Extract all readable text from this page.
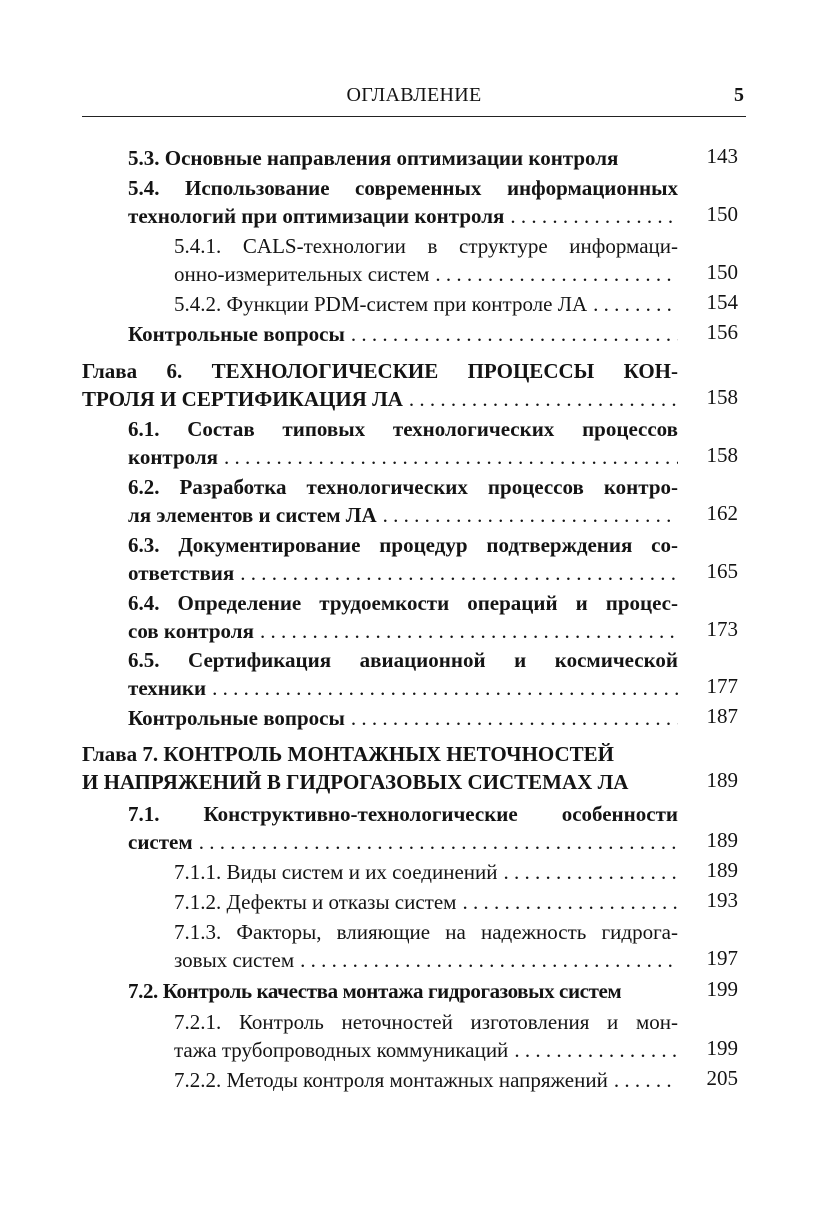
ОГЛАВЛЕНИЕ	5
5.3. Основные направления оптимизации контроля	143
5.4. Использование современных информационных
технологий при оптимизации контроля . . .	150
5.4.1. CALS-технологии в структуре информаци-
онно-измерительных систем . . .	150
5.4.2. Функции PDM-систем при контроле ЛА . . .	154
Контрольные вопросы . . .	156
Глава 6. ТЕХНОЛОГИЧЕСКИЕ ПРОЦЕССЫ КОН-
ТРОЛЯ И СЕРТИФИКАЦИЯ ЛА . . .	158
6.1. Состав типовых технологических процессов
контроля . . .	158
6.2. Разработка технологических процессов контро-
ля элементов и систем ЛА . . .	162
6.3. Документирование процедур подтверждения со-
ответствия . . .	165
6.4. Определение трудоемкости операций и процес-
сов контроля . . .	173
6.5. Сертификация авиационной и космической
техники . . .	177
Контрольные вопросы . . .	187
Глава 7. КОНТРОЛЬ МОНТАЖНЫХ НЕТОЧНОСТЕЙ
И НАПРЯЖЕНИЙ В ГИДРОГАЗОВЫХ СИСТЕМАХ ЛА	189
7.1. Конструктивно-технологические особенности
систем . . .	189
7.1.1. Виды систем и их соединений . . .	189
7.1.2. Дефекты и отказы систем . . .	193
7.1.3. Факторы, влияющие на надежность гидрога-
зовых систем . . .	197
7.2. Контроль качества монтажа гидрогазовых систем	199
7.2.1. Контроль неточностей изготовления и мон-
тажа трубопроводных коммуникаций . . .	199
7.2.2. Методы контроля монтажных напряжений . . .	205
